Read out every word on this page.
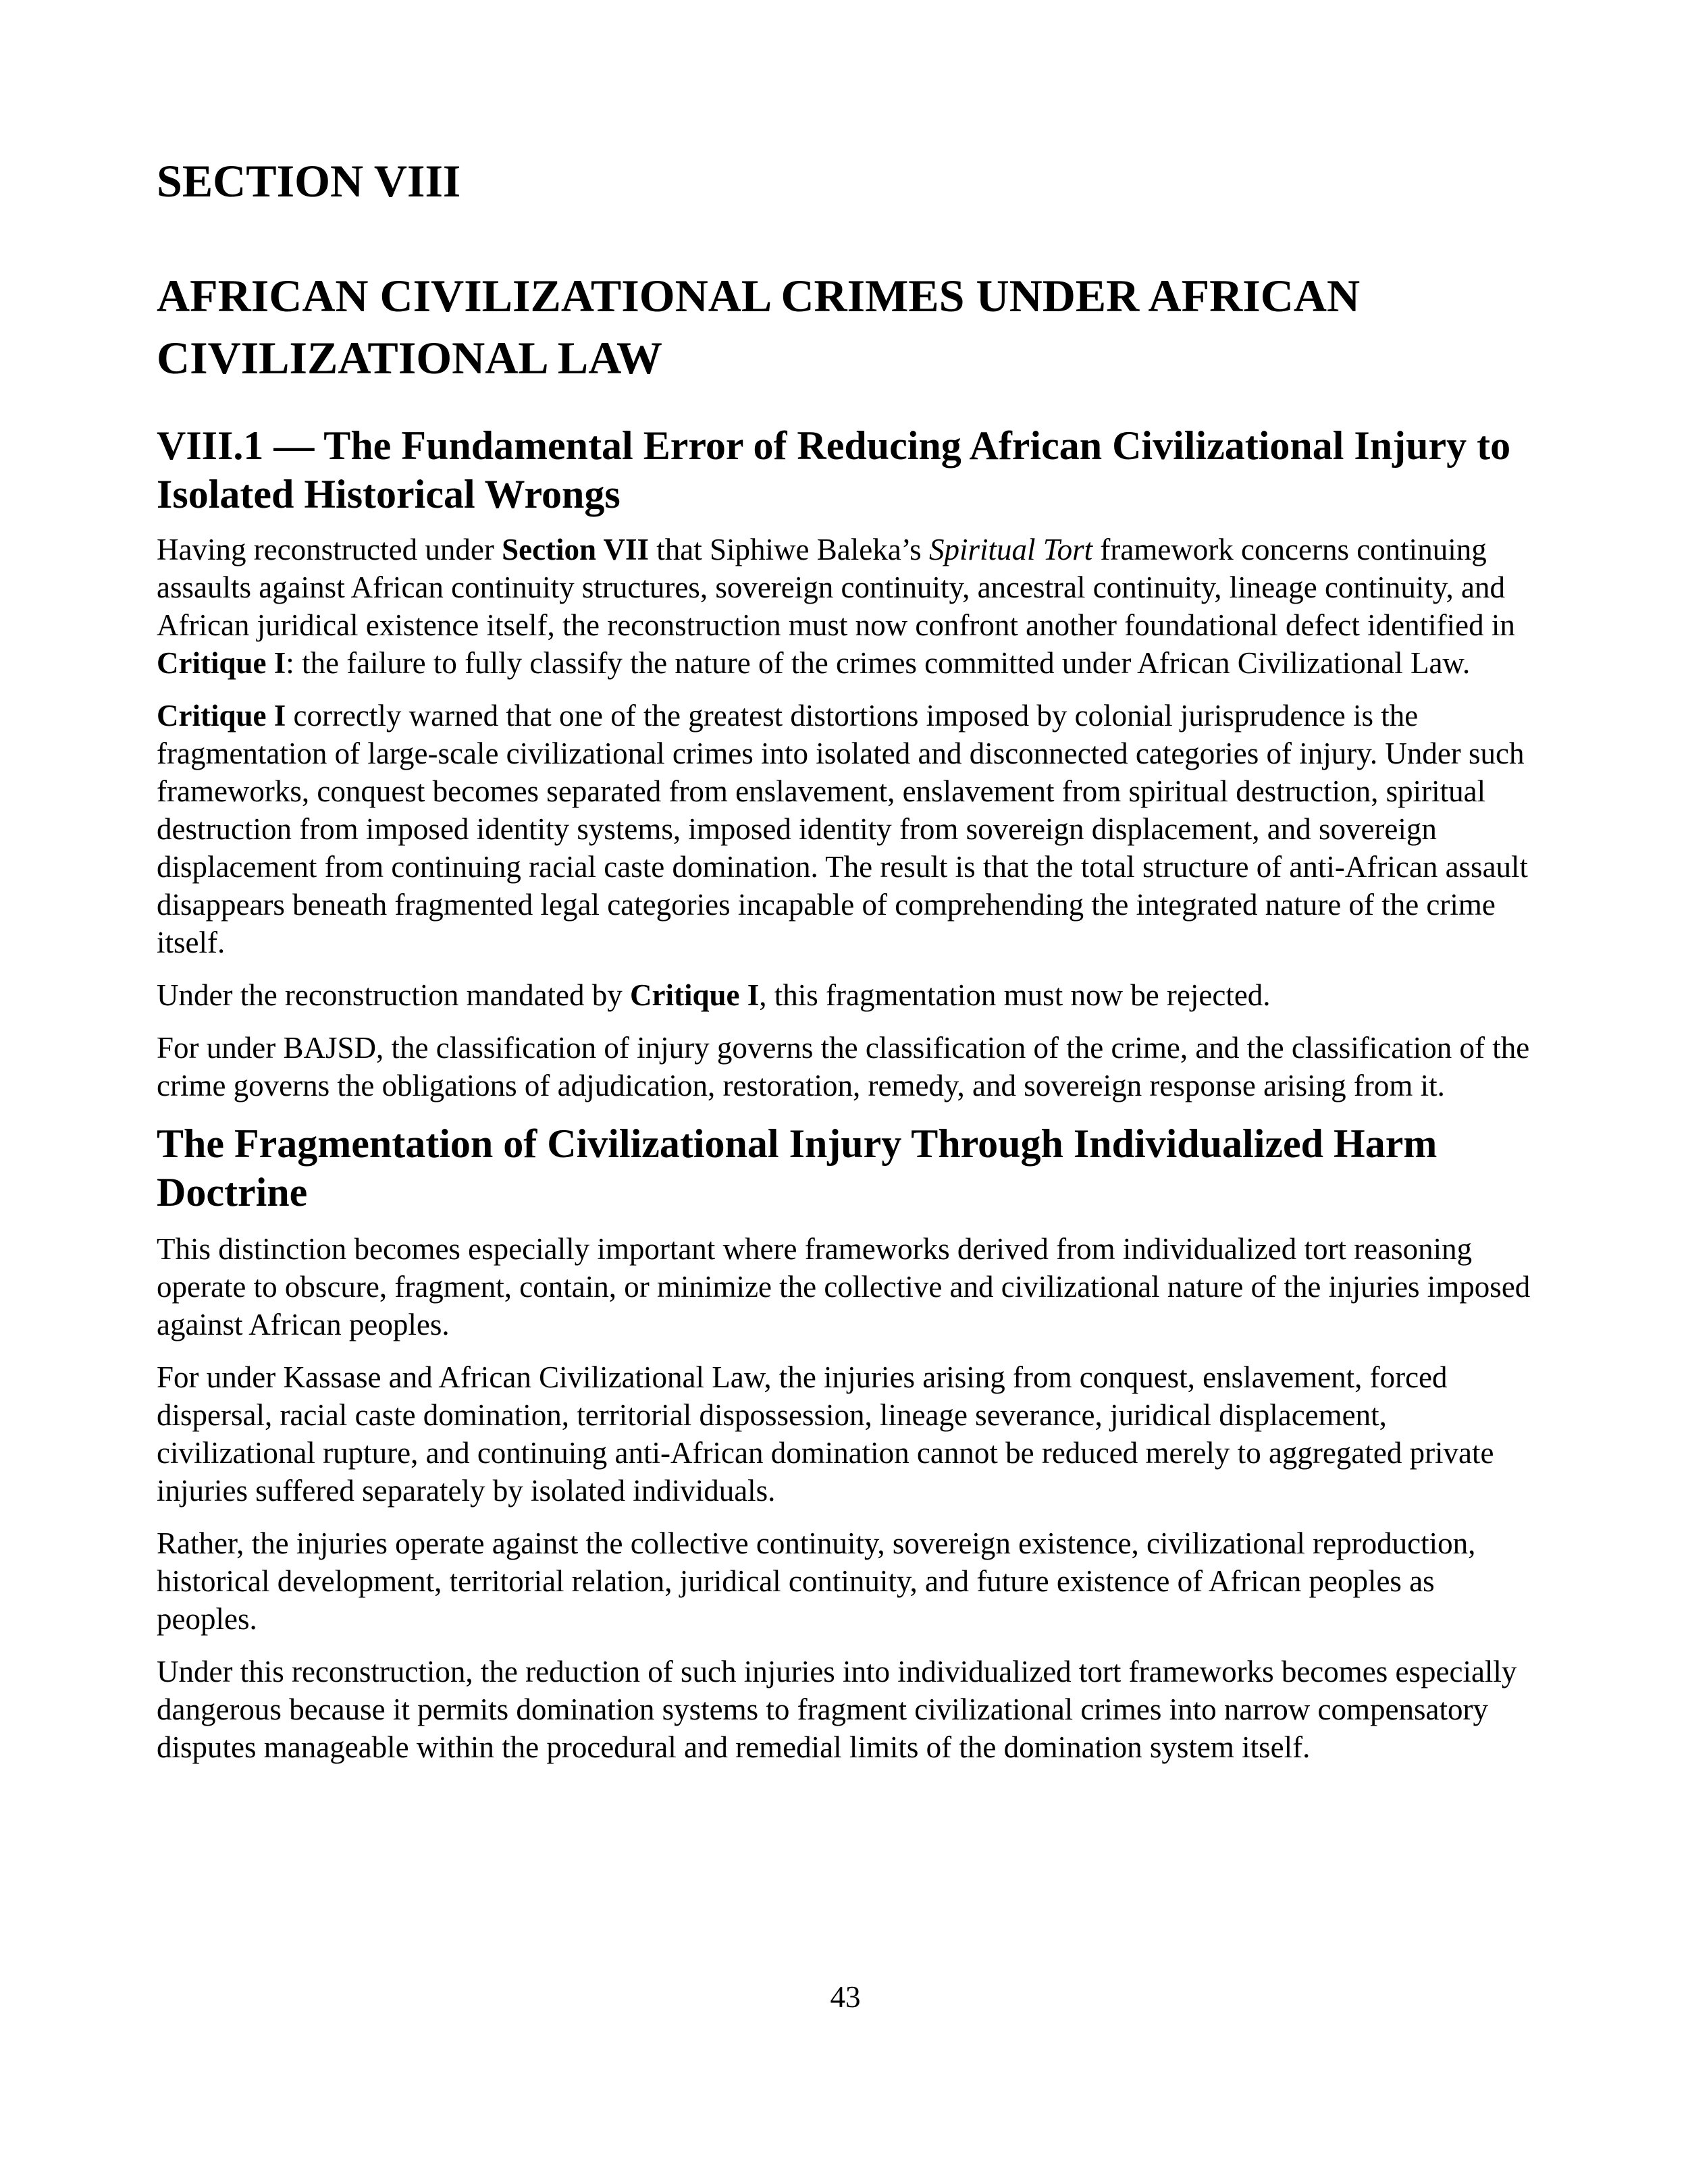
SECTION VIII
AFRICAN CIVILIZATIONAL CRIMES UNDER AFRICAN CIVILIZATIONAL LAW
VIII.1 — The Fundamental Error of Reducing African Civilizational Injury to Isolated Historical Wrongs

Having reconstructed under Section VII that Siphiwe Baleka’s Spiritual Tort framework concerns continuing assaults against African continuity structures, sovereign continuity, ancestral continuity, lineage continuity, and African juridical existence itself, the reconstruction must now confront another foundational defect identified in Critique I: the failure to fully classify the nature of the crimes committed under African Civilizational Law.

Critique I correctly warned that one of the greatest distortions imposed by colonial jurisprudence is the fragmentation of large-scale civilizational crimes into isolated and disconnected categories of injury. Under such frameworks, conquest becomes separated from enslavement, enslavement from spiritual destruction, spiritual destruction from imposed identity systems, imposed identity from sovereign displacement, and sovereign displacement from continuing racial caste domination. The result is that the total structure of anti-African assault disappears beneath fragmented legal categories incapable of comprehending the integrated nature of the crime itself.

Under the reconstruction mandated by Critique I, this fragmentation must now be rejected.

For under BAJSD, the classification of injury governs the classification of the crime, and the classification of the crime governs the obligations of adjudication, restoration, remedy, and sovereign response arising from it.

The Fragmentation of Civilizational Injury Through Individualized Harm Doctrine

This distinction becomes especially important where frameworks derived from individualized tort reasoning operate to obscure, fragment, contain, or minimize the collective and civilizational nature of the injuries imposed against African peoples.

For under Kassase and African Civilizational Law, the injuries arising from conquest, enslavement, forced dispersal, racial caste domination, territorial dispossession, lineage severance, juridical displacement, civilizational rupture, and continuing anti-African domination cannot be reduced merely to aggregated private injuries suffered separately by isolated individuals.

Rather, the injuries operate against the collective continuity, sovereign existence, civilizational reproduction, historical development, territorial relation, juridical continuity, and future existence of African peoples as peoples.

Under this reconstruction, the reduction of such injuries into individualized tort frameworks becomes especially dangerous because it permits domination systems to fragment civilizational crimes into narrow compensatory disputes manageable within the procedural and remedial limits of the domination system itself.

43
